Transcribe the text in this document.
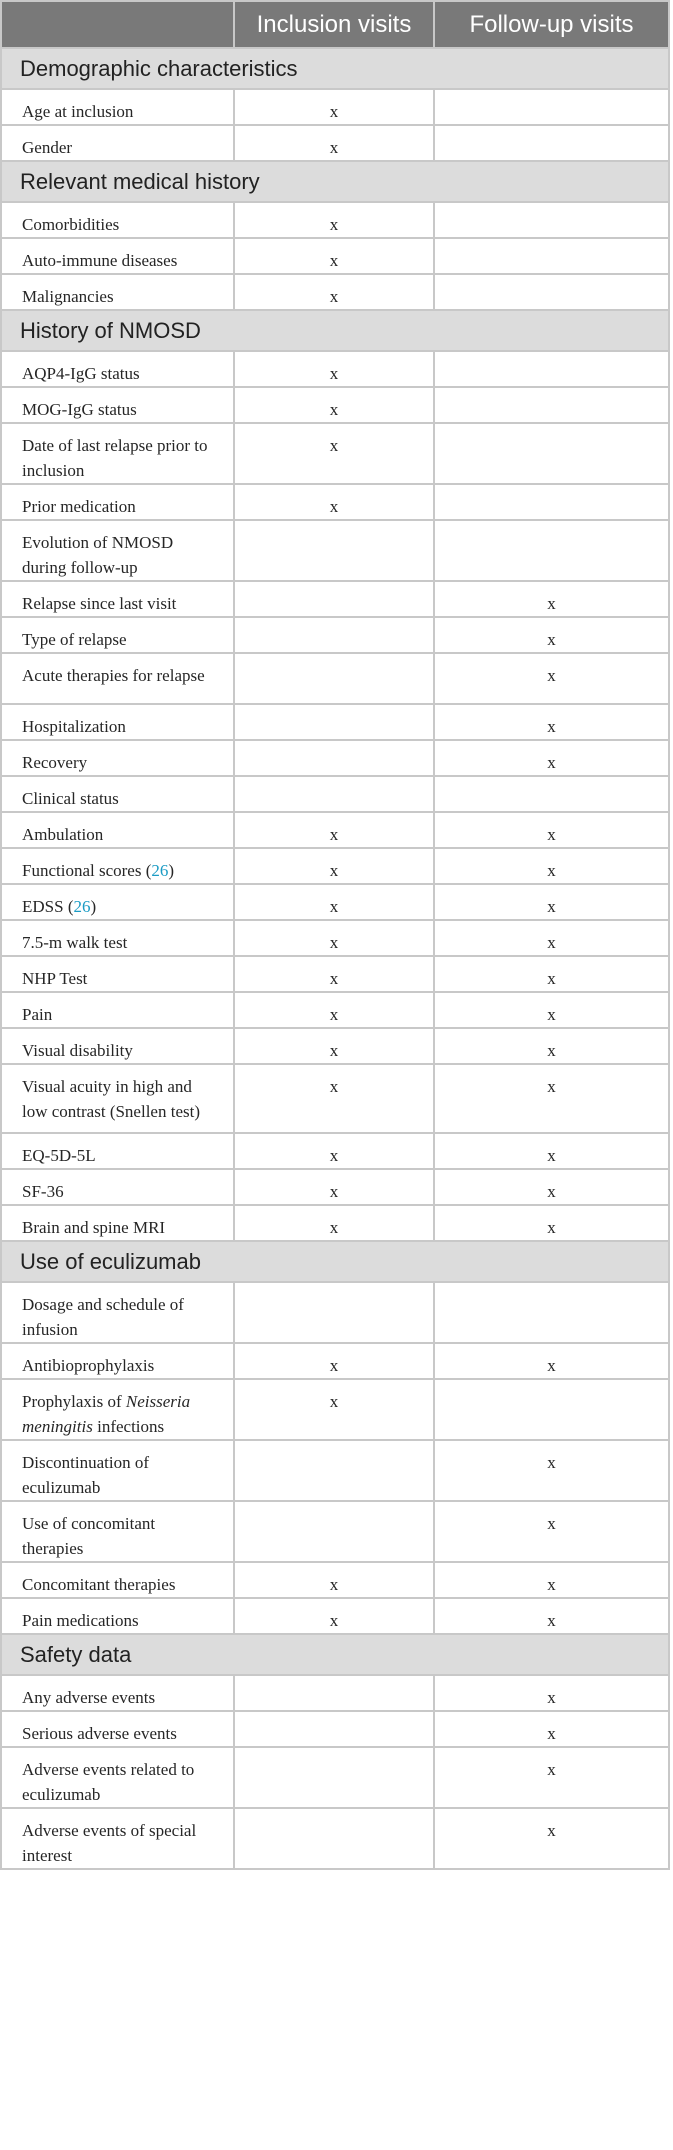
	Inclusion visits	Follow-up visits
Demographic characteristics		
Age at inclusion	x	
Gender	x	
Relevant medical history		
Comorbidities	x	
Auto-immune diseases	x	
Malignancies	x	
History of NMOSD		
AQP4-IgG status	x	
MOG-IgG status	x	
Date of last relapse prior to inclusion	x	
Prior medication	x	
Evolution of NMOSD during follow-up		
Relapse since last visit		x
Type of relapse		x
Acute therapies for relapse		x
Hospitalization		x
Recovery		x
Clinical status		
Ambulation	x	x
Functional scores (26)	x	x
EDSS (26)	x	x
7.5-m walk test	x	x
NHP Test	x	x
Pain	x	x
Visual disability	x	x
Visual acuity in high and low contrast (Snellen test)	x	x
EQ-5D-5L	x	x
SF-36	x	x
Brain and spine MRI	x	x
Use of eculizumab		
Dosage and schedule of infusion		
Antibioprophylaxis	x	x
Prophylaxis of Neisseria meningitis infections	x	
Discontinuation of eculizumab		x
Use of concomitant therapies		x
Concomitant therapies	x	x
Pain medications	x	x
Safety data		
Any adverse events		x
Serious adverse events		x
Adverse events related to eculizumab		x
Adverse events of special interest		x
